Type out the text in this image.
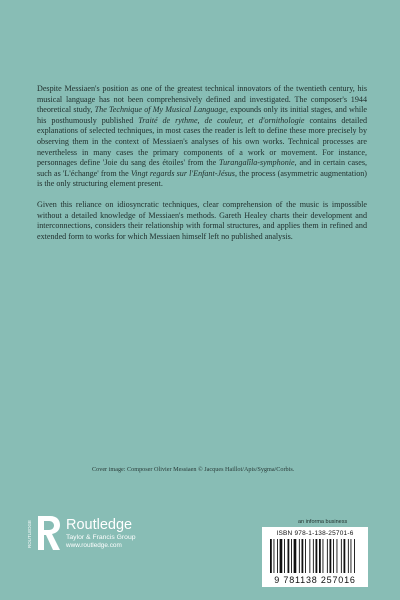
Despite Messiaen's position as one of the greatest technical innovators of the twentieth century, his musical language has not been comprehensively defined and investigated. The composer's 1944 theoretical study, The Technique of My Musical Language, expounds only its initial stages, and while his posthumously published Traité de rythme, de couleur, et d'ornithologie contains detailed explanations of selected techniques, in most cases the reader is left to define these more precisely by observing them in the context of Messiaen's analyses of his own works. Technical processes are nevertheless in many cases the primary components of a work or movement. For instance, personnages define 'Joie du sang des étoiles' from the Turangalîla-symphonie, and in certain cases, such as 'L'échange' from the Vingt regards sur l'Enfant-Jésus, the process (asymmetric augmentation) is the only structuring element present.

Given this reliance on idiosyncratic techniques, clear comprehension of the music is impossible without a detailed knowledge of Messiaen's methods. Gareth Healey charts their development and interconnections, considers their relationship with formal structures, and applies them in refined and extended form to works for which Messiaen himself left no published analysis.

Cover image: Composer Olivier Messiaen © Jacques Haillot/Apis/Sygma/Corbis.
an informa business
ISBN 978-1-138-25701-6
9 781138 257016
ROUTLEDGE Routledge
Taylor & Francis Group
www.routledge.com
